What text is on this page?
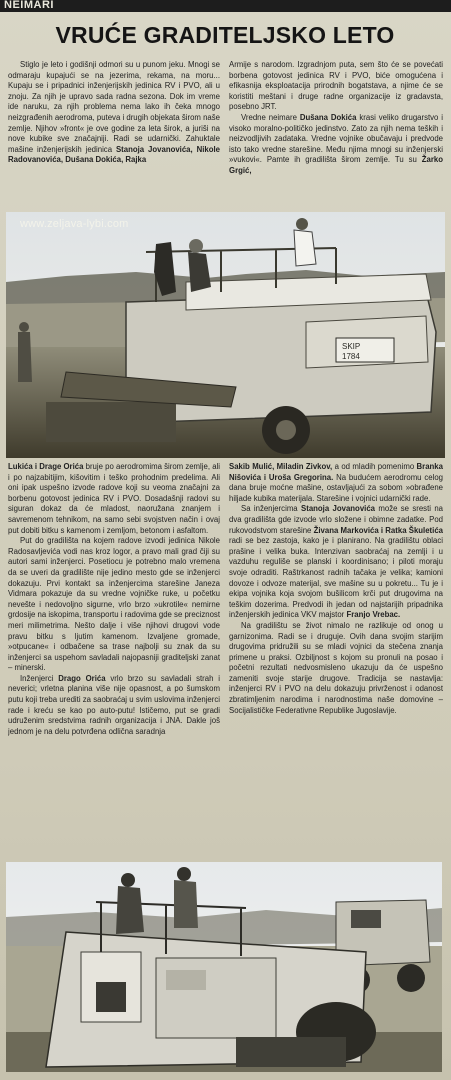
NEIMARI
VRUĆE GRADITELJSKO LETO

Stiglo je leto i godišnji odmori su u punom jeku. Mnogi se odmaraju kupajući se na jezerima, rekama, na moru... Kupaju se i pripadnici inženjerijskih jedinica RV i PVO, ali u znoju. Za njih je upravo sada radna sezona. Dok im vreme ide naruku, za njih problema nema lako ih čeka mnogo neizgrađenih aerodroma, puteva i drugih objekata širom naše zemlje. Njihov »front« je ove godine za leta širok, a juriši na nove kubike sve značajniji. Radi se udarnički. Zahuktale mašine inženjerijskih jedinica Stanoja Jovanovića, Nikole Radovanovića, Dušana Dokića, Rajka

Armije s narodom. Izgradnjom puta, sem što će se povećati borbena gotovost jedinica RV i PVO, biće omogućena i efikasnija eksploatacija prirodnih bogatstava, a njime će se koristiti meštani i druge radne organizacije iz gradavsta, posebno JRT.

Vredne neimare Dušana Dokića krasi veliko drugarstvo i visoko moralno-političko jedinstvo. Zato za njih nema teških i neizvodljivih zadataka. Vredne vojnike obučavaju i predvode isto tako vredne starešine. Među njima mnogi su inženjerski »vukovi«. Pamte ih gradilišta širom zemlje. Tu su Žarko Grgić,

SKIP
1784
www.zeljava-lybi.com

Lukića i Drage Orića bruje po aerodromima širom zemlje, ali i po najzabitijim, kišovitim i teško prohodnim predelima. Ali oni ipak uspešno izvode radove koji su veoma značajni za borbenu gotovost jedinica RV i PVO. Dosadašnji radovi su siguran dokaz da će mladost, naoružana znanjem i savremenom tehnikom, na samo sebi svojstven način i ovaj put dobiti bitku s kamenom i zemljom, betonom i asfaltom.

Put do gradilišta na kojem radove izvodi jedinica Nikole Radosavljevića vodi nas kroz logor, a pravo mali grad čiji su autori sami inženjerci. Posetiocu je potrebno malo vremena da se uveri da gradilište nije jedino mesto gde se inženjerci dokazuju. Prvi kontakt sa inženjercima starešine Janeza Vidmara pokazuje da su vredne vojničke ruke, u početku nevešte i nedovoljno sigurne, vrlo brzo »ukrotile« nemirne grdosije na iskopima, transportu i radovima gde se preciznost meri milimetrima. Nešto dalje i više njihovi drugovi vode pravu bitku s ljutim kamenom. Izvaljene gromade, »otpucane« i odbačene sa trase najbolji su znak da su inženjerci sa uspehom savladali najopasniji graditeljski zanat – minerski.

Inženjerci Drago Orića vrlo brzo su savladali strah i neverici; vrletna planina više nije opasnost, a po šumskom putu koji treba urediti za saobraćaj u svim uslovima inženjerci rade i kreću se kao po auto-putu! Ističemo, put se gradi udruženim sredstvima radnih organizacija i JNA. Dakle još jednom je na delu potvrđena odlična saradnja

Sakib Mulić, Miladin Zivkov, a od mladih pomenimo Branka Nišovića i Uroša Gregorina. Na budućem aerodromu celog dana bruje moćne mašine, ostavljajući za sobom »obrađene hiljade kubika materijala. Starešine i vojnici udarnički rade.

Sa inženjercima Stanoja Jovanovića može se sresti na dva gradilišta gde izvode vrlo složene i obimne zadatke. Pod rukovodstvom starešine Živana Markovića i Ratka Škuletića radi se bez zastoja, kako je i planirano. Na gradilištu oblaci prašine i velika buka. Intenzivan saobraćaj na zemlji i u vazduhu reguliše se planski i koordinisano; i piloti moraju svoje odraditi. Raštrkanost radnih tačaka je velika; kamioni dovoze i odvoze materijal, sve mašine su u pokretu... Tu je i ekipa vojnika koja svojom bušilicom krči put drugovima na teškim dozerima. Predvodi ih jedan od najstarijih pripadnika inženjerskih jedinica VKV majstor Franjo Vrebac.

Na gradilištu se život nimalo ne razlikuje od onog u garnizonima. Radi se i druguje. Ovih dana svojim starijim drugovima pridružili su se mladi vojnici da stečena znanja primene u praksi. Ozbiljnost s kojom su pronuli na posao i početni rezultati nedvosmisleno ukazuju da će uspešno zameniti svoje starije drugove. Tradicija se nastavlja: inženjerci RV i PVO na delu dokazuju privrženost i odanost zbratimljenim narodima i narodnostima naše domovine – Socijalističke Federativne Republike Jugoslavije.
